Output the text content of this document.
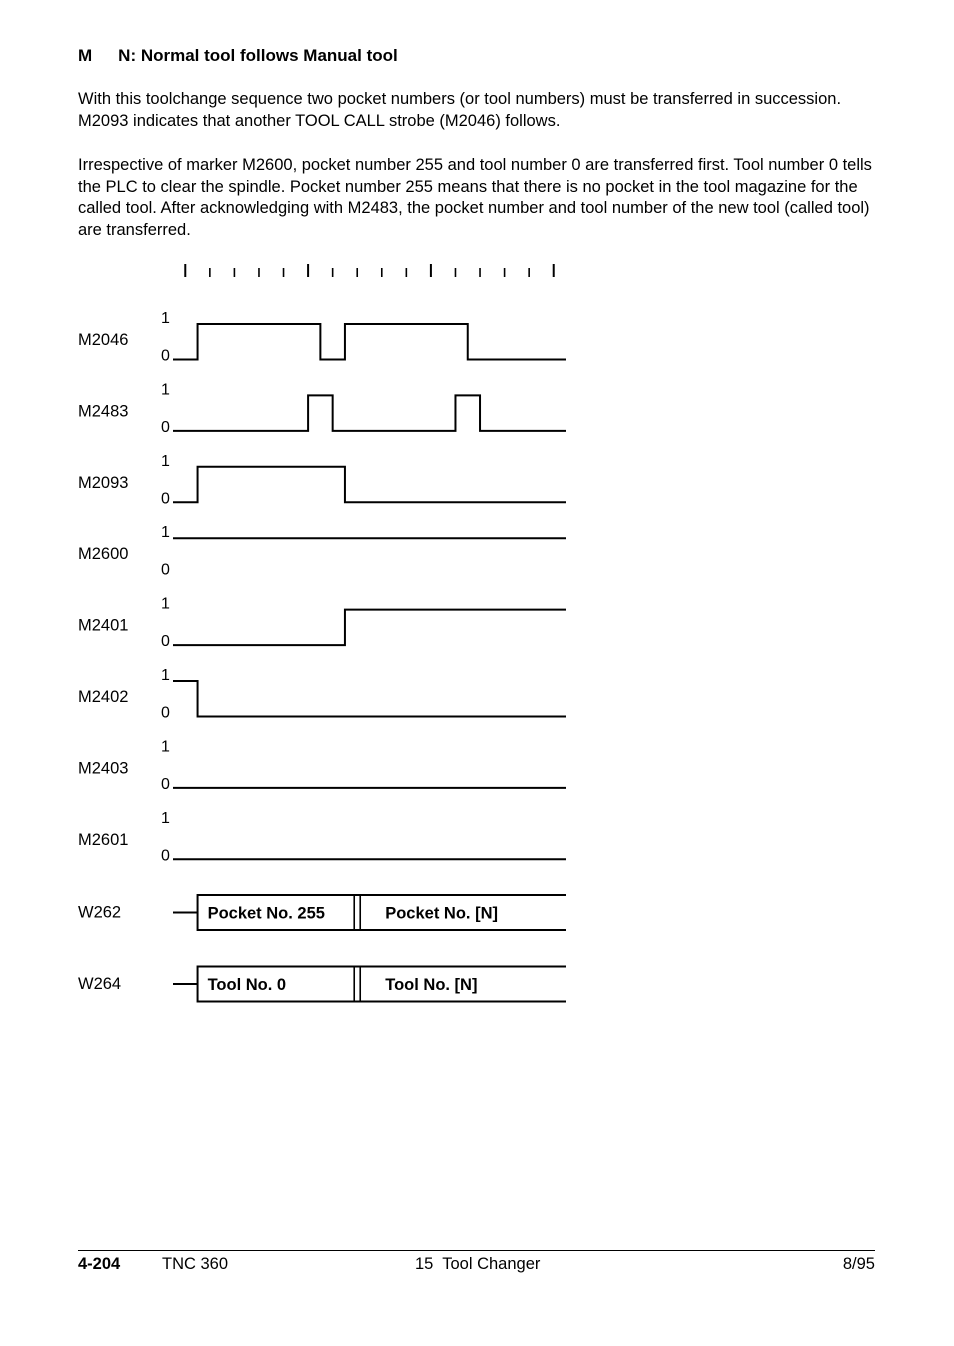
M N: Normal tool follows Manual tool

With this toolchange sequence two pocket numbers (or tool numbers) must be transferred in succession. M2093 indicates that another TOOL CALL strobe (M2046) follows.

Irrespective of marker M2600, pocket number 255 and tool number 0 are transferred first. Tool number 0 tells the PLC to clear the spindle. Pocket number 255 means that there is no pocket in the tool magazine for the called tool. After acknowledging with M2483, the pocket number and tool number of the new tool (called tool) are transferred.

M2046
1
0
M2483
1
0
M2093
1
0
M2600
1
0
M2401
1
0
M2402
1
0
M2403
1
0
M2601
1
0
W262	Pocket No. 255	Pocket No. [N]
W264	Tool No. 0	Tool No. [N]
4-204	TNC 360	15  Tool Changer	8/95
